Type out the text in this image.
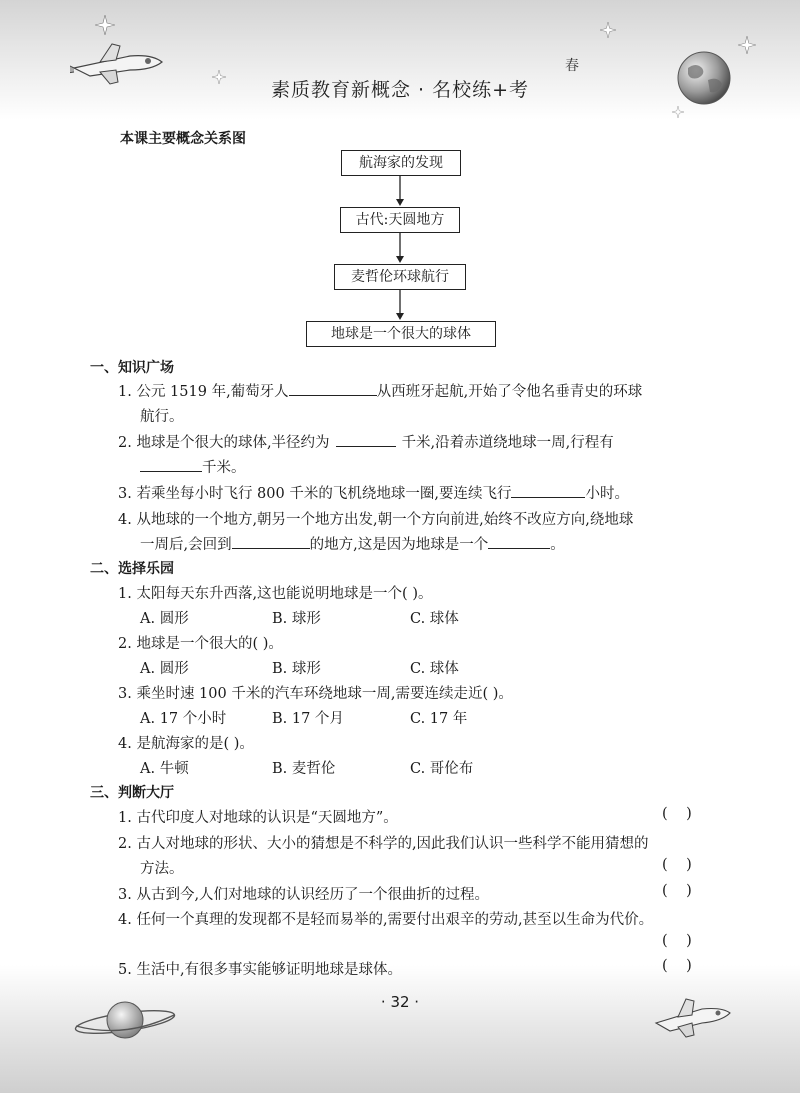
春
素质教育新概念 · 名校练+考
本课主要概念关系图
航海家的发现
古代:天圆地方
麦哲伦环球航行
地球是一个很大的球体
一、知识广场
1. 公元 1519 年,葡萄牙人	从西班牙起航,开始了令他名垂青史的环球
航行。
2. 地球是个很大的球体,半径约为	千米,沿着赤道绕地球一周,行程有
千米。
3. 若乘坐每小时飞行 800 千米的飞机绕地球一圈,要连续飞行	小时。
4. 从地球的一个地方,朝另一个地方出发,朝一个方向前进,始终不改应方向,绕地球
一周后,会回到	的地方,这是因为地球是一个	。
二、选择乐园
1. 太阳每天东升西落,这也能说明地球是一个( )。
A. 圆形	B. 球形	C. 球体
2. 地球是一个很大的( )。
A. 圆形	B. 球形	C. 球体
3. 乘坐时速 100 千米的汽车环绕地球一周,需要连续走近( )。
A. 17 个小时	B. 17 个月	C. 17 年
4. 是航海家的是( )。
A. 牛顿	B. 麦哲伦	C. 哥伦布
三、判断大厅
1. 古代印度人对地球的认识是“天圆地方”。	(    )
2. 古人对地球的形状、大小的猜想是不科学的,因此我们认识一些科学不能用猜想的
方法。	(    )
3. 从古到今,人们对地球的认识经历了一个很曲折的过程。	(    )
4. 任何一个真理的发现都不是轻而易举的,需要付出艰辛的劳动,甚至以生命为代价。
(    )
5. 生活中,有很多事实能够证明地球是球体。	(    )
· 32 ·
